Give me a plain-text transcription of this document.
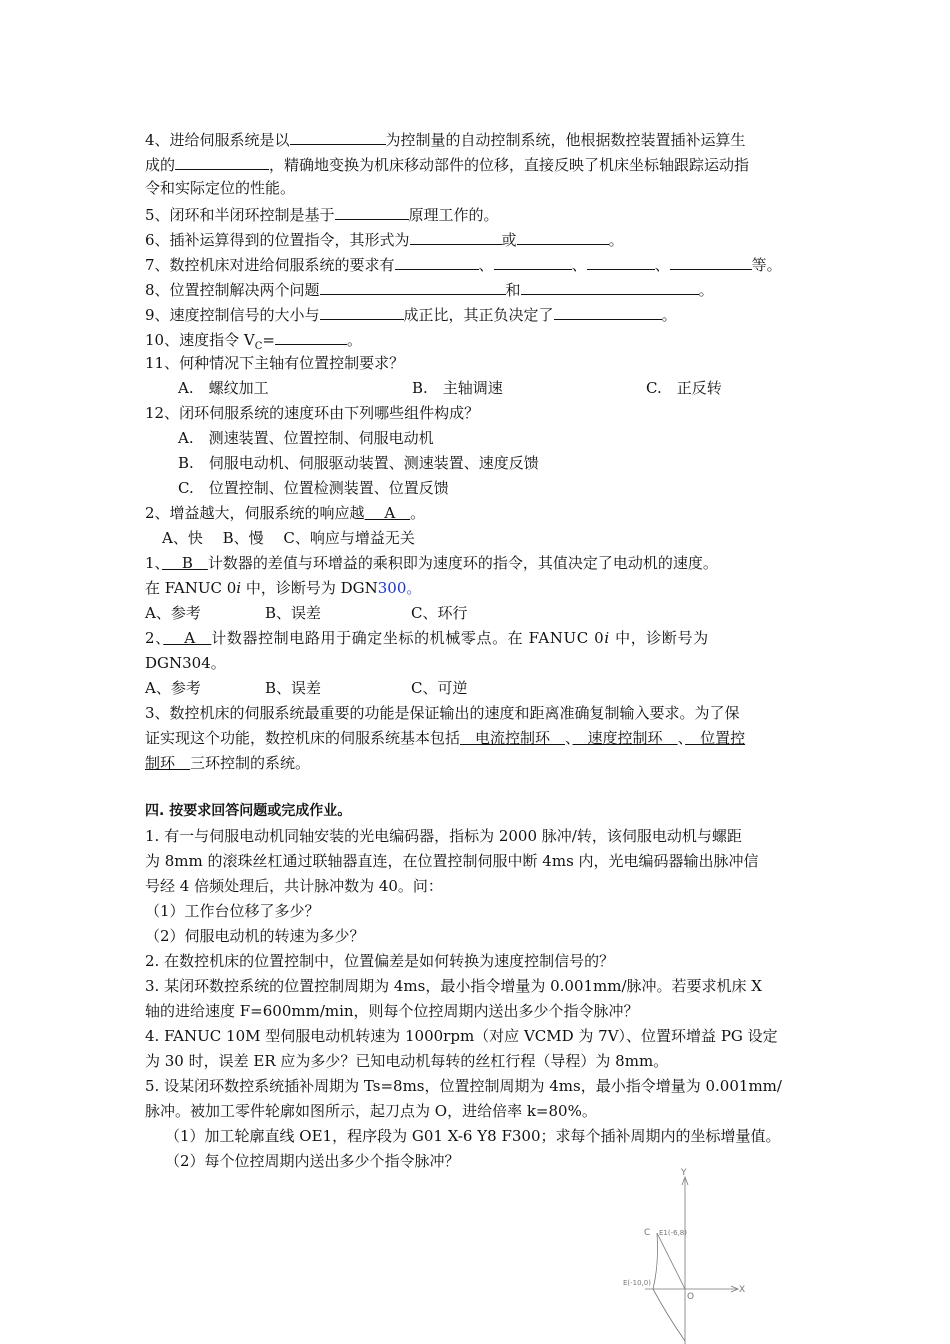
4、进给伺服系统是以	为控制量的自动控制系统，他根据数控装置插补运算生
成的	，精确地变换为机床移动部件的位移，直接反映了机床坐标轴跟踪运动指
令和实际定位的性能。
5、闭环和半闭环控制是基于	原理工作的。
6、插补运算得到的位置指令，其形式为	或	。
7、数控机床对进给伺服系统的要求有	、	、	、	等。
8、位置控制解决两个问题	和	。
9、速度控制信号的大小与	成正比，其正负决定了	。
10、速度指令 $V_C=$	。
11、何种情况下主轴有位置控制要求？
A.　螺纹加工	B.　主轴调速	C.　正反转
12、闭环伺服系统的速度环由下列哪些组件构成？
A.　测速装置、位置控制、伺服电动机
B.　伺服电动机、伺服驱动装置、测速装置、速度反馈
C.　位置控制、位置检测装置、位置反馈
2、增益越大，伺服系统的响应越　 A　。
A、快　 B、慢　 C、响应与增益无关
1、　 B　计数器的差值与环增益的乘积即为速度环的指令，其值决定了电动机的速度。
在 FANUC 0i 中，诊断号为 DGN300。
A、参考	B、误差	C、环行
2、　 A　计数器控制电路用于确定坐标的机械零点。在 FANUC 0i 中，诊断号为
DGN304。
A、参考	B、误差	C、可逆
3、数控机床的伺服系统最重要的功能是保证输出的速度和距离准确复制输入要求。为了保
证实现这个功能，数控机床的伺服系统基本包括　电流控制环　、　速度控制环　、　位置控
制环　三环控制的系统。
四. 按要求回答问题或完成作业。
1. 有一与伺服电动机同轴安装的光电编码器，指标为 2000 脉冲/转，该伺服电动机与螺距
为 8mm 的滚珠丝杠通过联轴器直连，在位置控制伺服中断 4ms 内，光电编码器输出脉冲信
号经 4 倍频处理后，共计脉冲数为 40。问：
（1）工作台位移了多少？
（2）伺服电动机的转速为多少？
2. 在数控机床的位置控制中，位置偏差是如何转换为速度控制信号的？
3. 某闭环数控系统的位置控制周期为 4ms，最小指令增量为 0.001mm/脉冲。若要求机床 X
轴的进给速度 F=600mm/min，则每个位控周期内送出多少个指令脉冲？
4. FANUC 10M 型伺服电动机转速为 1000rpm（对应 VCMD 为 7V）、位置环增益 PG 设定
为 30 时，误差 ER 应为多少？已知电动机每转的丝杠行程（导程）为 8mm。
5. 设某闭环数控系统插补周期为 Ts=8ms，位置控制周期为 4ms，最小指令增量为 0.001mm/
脉冲。被加工零件轮廓如图所示，起刀点为 O，进给倍率 k=80%。
（1）加工轮廓直线 OE1，程序段为 G01 X-6 Y8 F300；求每个插补周期内的坐标增量值。
（2）每个位控周期内送出多少个指令脉冲？
Y
X
O
C E1(-6,8)
E(-10,0)
